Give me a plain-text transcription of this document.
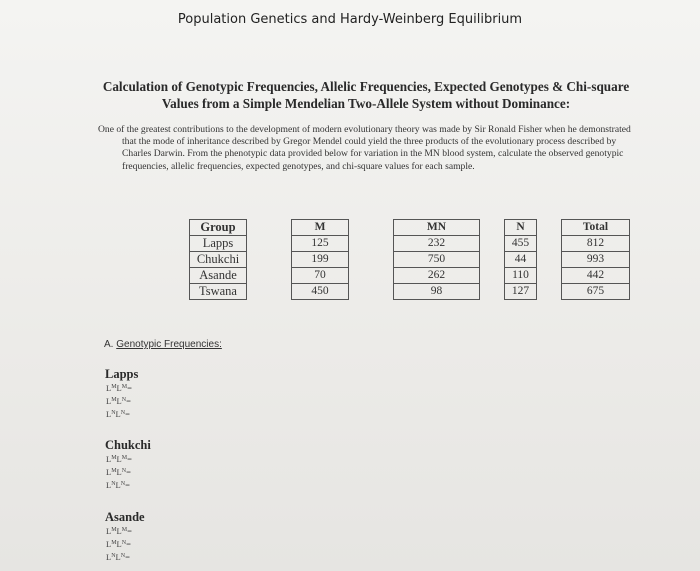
Population Genetics and Hardy-Weinberg Equilibrium
Calculation of Genotypic Frequencies, Allelic Frequencies, Expected Genotypes & Chi-square
Values from a Simple Mendelian Two-Allele System without Dominance:
One of the greatest contributions to the development of modern evolutionary theory was made by Sir Ronald Fisher when he demonstrated that the mode of inheritance described by Gregor Mendel could yield the three products of the evolutionary process described by Charles Darwin. From the phenotypic data provided below for variation in the MN blood system, calculate the observed genotypic frequencies, allelic frequencies, expected genotypes, and chi-square values for each sample.
Group		M		MN		N		Total
Lapps		125		232		455		812
Chukchi		199		750		44		993
Asande		70		262		110		442
Tswana		450		98		127		675
A. Genotypic Frequencies:
Lapps
$L^ML^M=$
$L^ML^N=$
$L^NL^N=$
Chukchi
$L^ML^M=$
$L^ML^N=$
$L^NL^N=$
Asande
$L^ML^M=$
$L^ML^N=$
$L^NL^N=$
